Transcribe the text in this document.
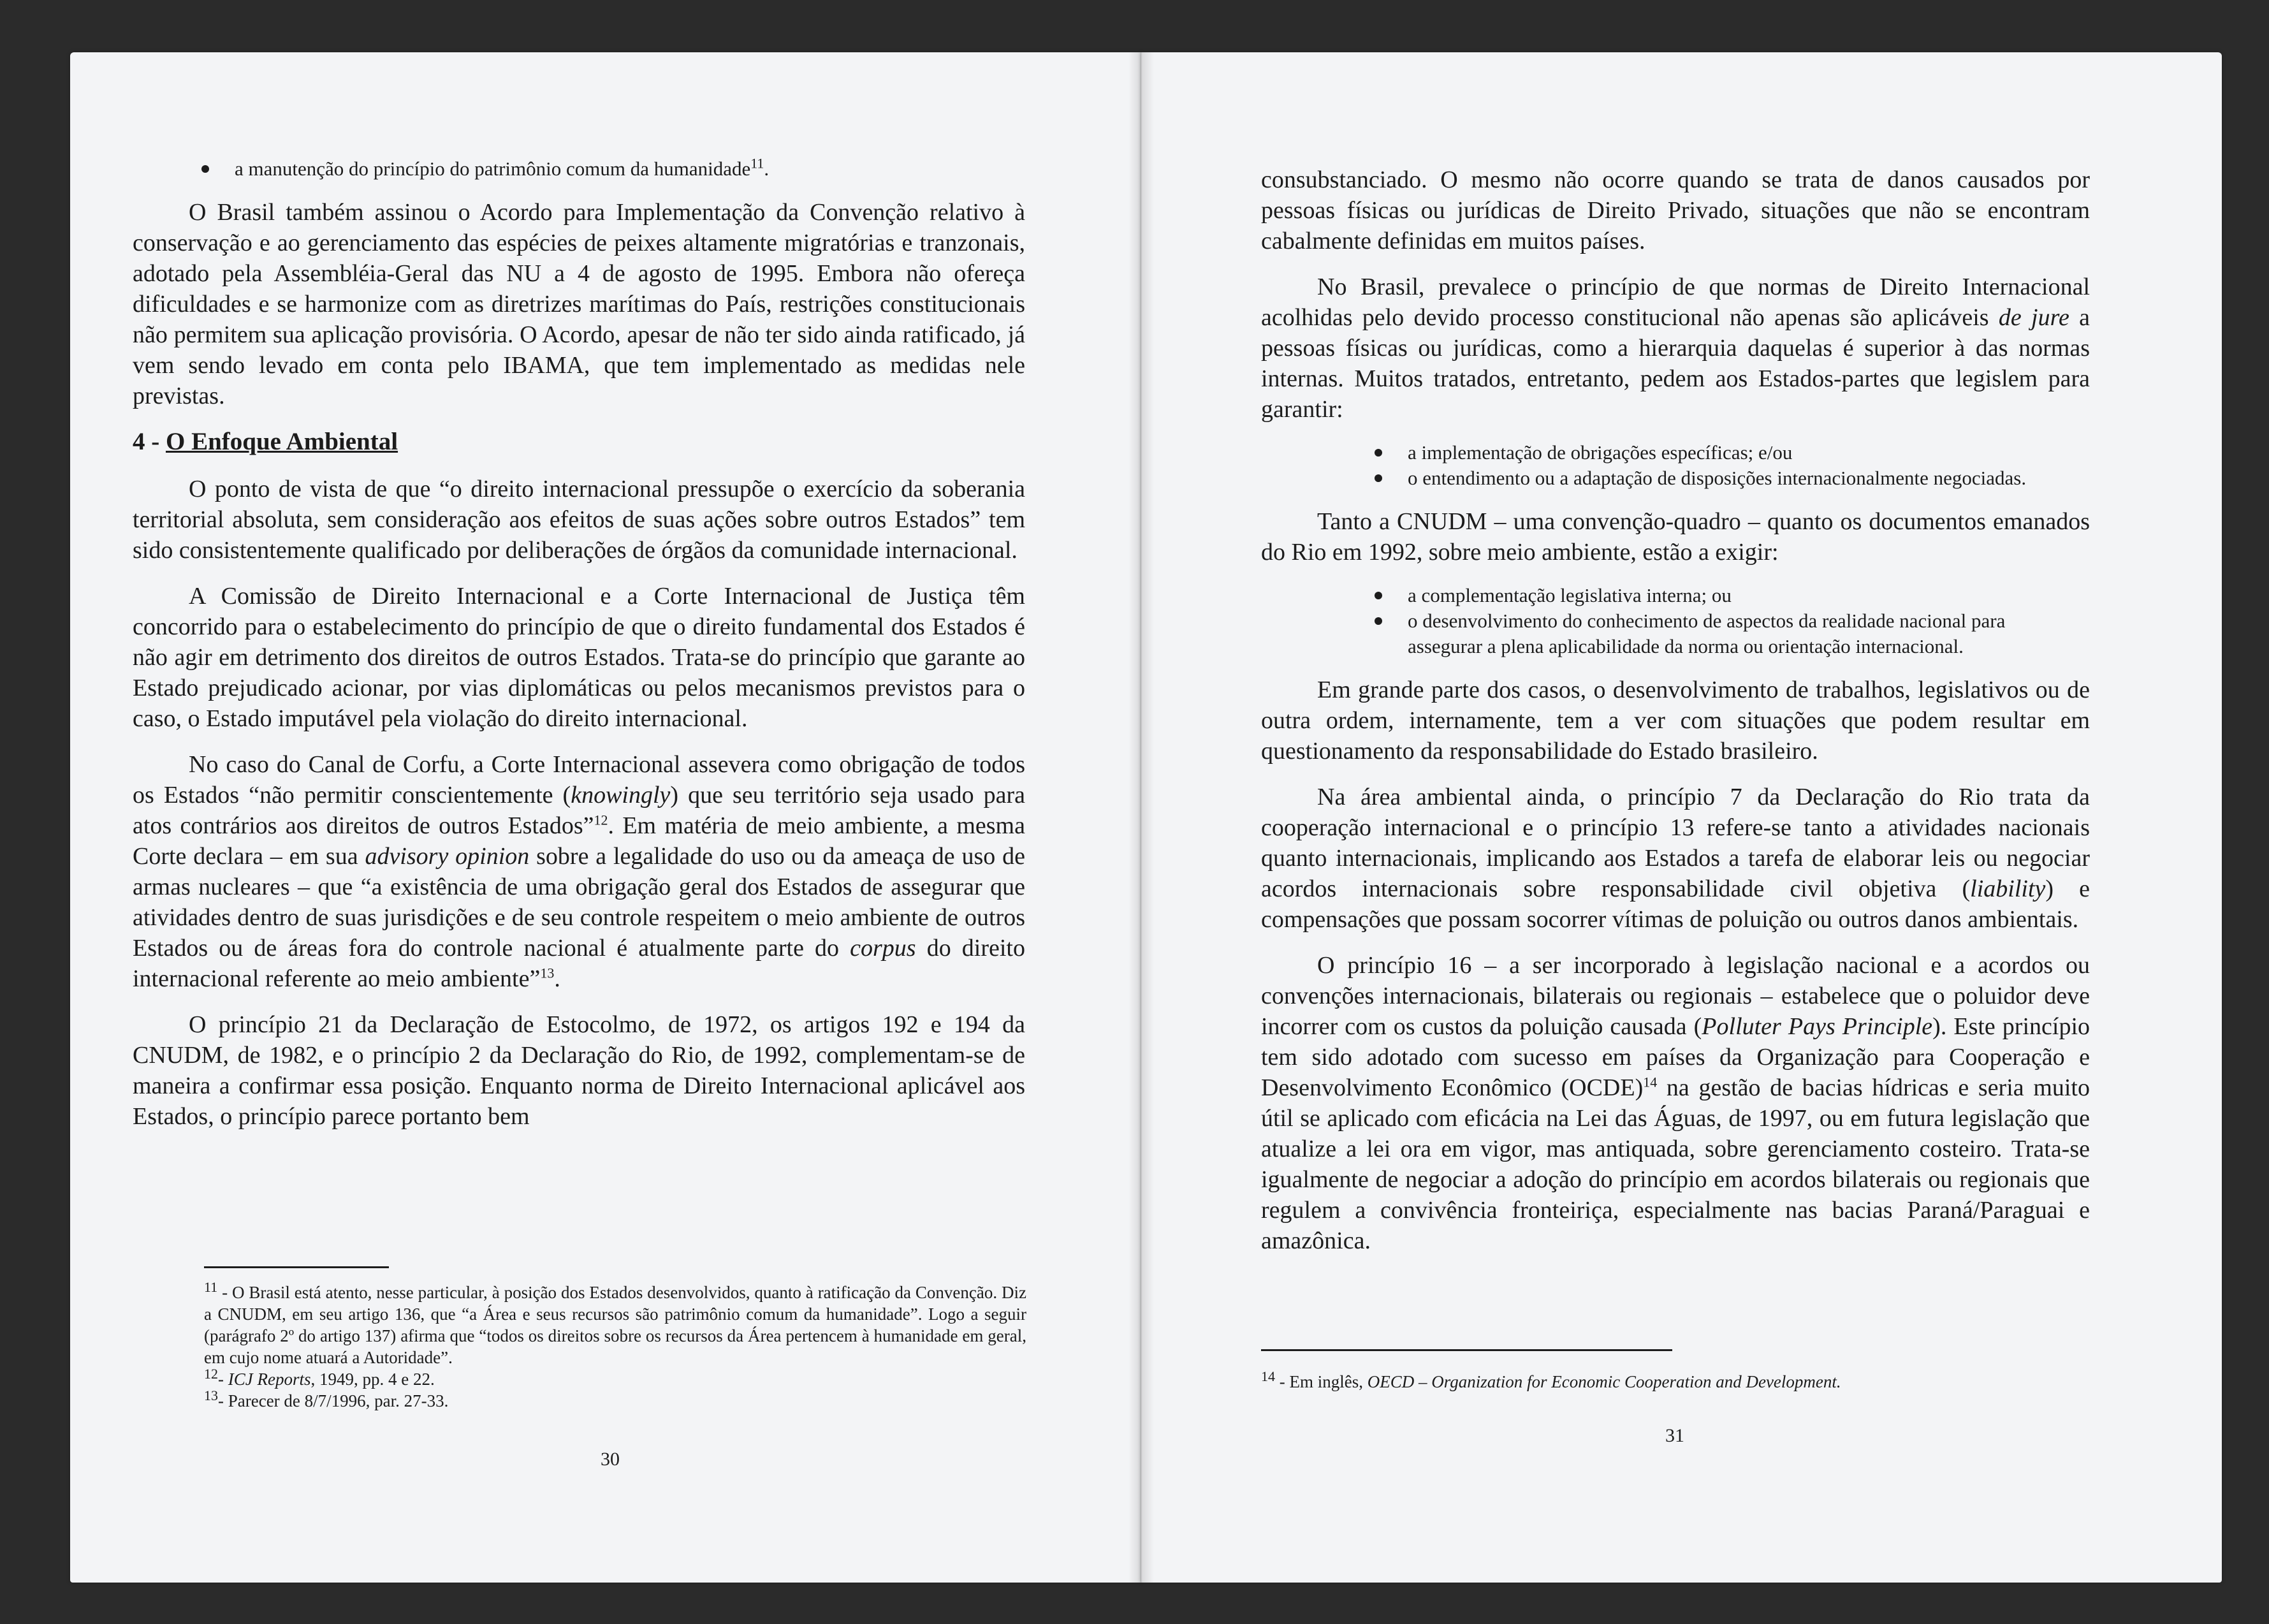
a manutenção do princípio do patrimônio comum da humanidade$^{11}$.

O Brasil também assinou o Acordo para Implementação da Convenção relativo à conservação e ao gerenciamento das espécies de peixes altamente migratórias e tranzonais, adotado pela Assembléia-Geral das NU a 4 de agosto de 1995. Embora não ofereça dificuldades e se harmonize com as diretrizes marítimas do País, restrições constitucionais não permitem sua aplicação provisória. O Acordo, apesar de não ter sido ainda ratificado, já vem sendo levado em conta pelo IBAMA, que tem implementado as medidas nele previstas.

4 - O Enfoque Ambiental

O ponto de vista de que “o direito internacional pressupõe o exercício da soberania territorial absoluta, sem consideração aos efeitos de suas ações sobre outros Estados” tem sido consistentemente qualificado por deliberações de órgãos da comunidade internacional.

A Comissão de Direito Internacional e a Corte Internacional de Justiça têm concorrido para o estabelecimento do princípio de que o direito fundamental dos Estados é não agir em detrimento dos direitos de outros Estados. Trata-se do princípio que garante ao Estado prejudicado acionar, por vias diplomáticas ou pelos mecanismos previstos para o caso, o Estado imputável pela violação do direito internacional.

No caso do Canal de Corfu, a Corte Internacional assevera como obrigação de todos os Estados “não permitir conscientemente (knowingly) que seu território seja usado para atos contrários aos direitos de outros Estados”$^{12}$. Em matéria de meio ambiente, a mesma Corte declara – em sua advisory opinion sobre a legalidade do uso ou da ameaça de uso de armas nucleares – que “a existência de uma obrigação geral dos Estados de assegurar que atividades dentro de suas jurisdições e de seu controle respeitem o meio ambiente de outros Estados ou de áreas fora do controle nacional é atualmente parte do corpus do direito internacional referente ao meio ambiente”$^{13}$.

O princípio 21 da Declaração de Estocolmo, de 1972, os artigos 192 e 194 da CNUDM, de 1982, e o princípio 2 da Declaração do Rio, de 1992, complementam-se de maneira a confirmar essa posição. Enquanto norma de Direito Internacional aplicável aos Estados, o princípio parece portanto bem

$^{11}$ - O Brasil está atento, nesse particular, à posição dos Estados desenvolvidos, quanto à ratificação da Convenção. Diz a CNUDM, em seu artigo 136, que “a Área e seus recursos são patrimônio comum da humanidade”. Logo a seguir (parágrafo 2º do artigo 137) afirma que “todos os direitos sobre os recursos da Área pertencem à humanidade em geral, em cujo nome atuará a Autoridade”.
$^{12}$- ICJ Reports, 1949, pp. 4 e 22.
$^{13}$- Parecer de 8/7/1996, par. 27-33.
30

consubstanciado. O mesmo não ocorre quando se trata de danos causados por pessoas físicas ou jurídicas de Direito Privado, situações que não se encontram cabalmente definidas em muitos países.

No Brasil, prevalece o princípio de que normas de Direito Internacional acolhidas pelo devido processo constitucional não apenas são aplicáveis de jure a pessoas físicas ou jurídicas, como a hierarquia daquelas é superior à das normas internas. Muitos tratados, entretanto, pedem aos Estados-partes que legislem para garantir:

a implementação de obrigações específicas; e/ou
o entendimento ou a adaptação de disposições internacionalmente negociadas.

Tanto a CNUDM – uma convenção-quadro – quanto os documentos emanados do Rio em 1992, sobre meio ambiente, estão a exigir:

a complementação legislativa interna; ou
o desenvolvimento do conhecimento de aspectos da realidade nacional para assegurar a plena aplicabilidade da norma ou orientação internacional.

Em grande parte dos casos, o desenvolvimento de trabalhos, legislativos ou de outra ordem, internamente, tem a ver com situações que podem resultar em questionamento da responsabilidade do Estado brasileiro.

Na área ambiental ainda, o princípio 7 da Declaração do Rio trata da cooperação internacional e o princípio 13 refere-se tanto a atividades nacionais quanto internacionais, implicando aos Estados a tarefa de elaborar leis ou negociar acordos internacionais sobre responsabilidade civil objetiva (liability) e compensações que possam socorrer vítimas de poluição ou outros danos ambientais.

O princípio 16 – a ser incorporado à legislação nacional e a acordos ou convenções internacionais, bilaterais ou regionais – estabelece que o poluidor deve incorrer com os custos da poluição causada (Polluter Pays Principle). Este princípio tem sido adotado com sucesso em países da Organização para Cooperação e Desenvolvimento Econômico (OCDE)$^{14}$ na gestão de bacias hídricas e seria muito útil se aplicado com eficácia na Lei das Águas, de 1997, ou em futura legislação que atualize a lei ora em vigor, mas antiquada, sobre gerenciamento costeiro. Trata-se igualmente de negociar a adoção do princípio em acordos bilaterais ou regionais que regulem a convivência fronteiriça, especialmente nas bacias Paraná/Paraguai e amazônica.

$^{14}$ - Em inglês, OECD – Organization for Economic Cooperation and Development.
31
